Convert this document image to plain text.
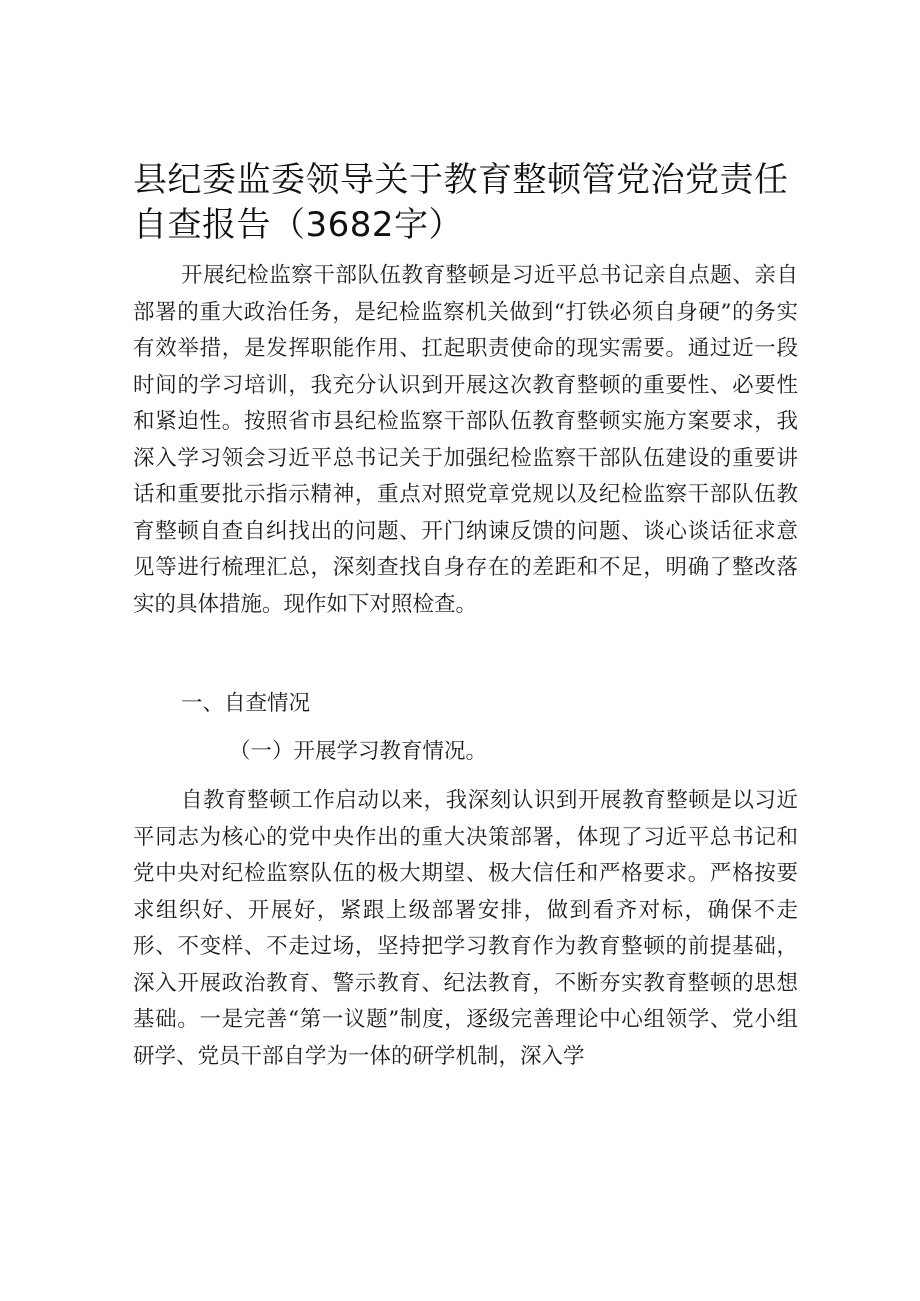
县纪委监委领导关于教育整顿管党治党责任自查报告（3682字）

开展纪检监察干部队伍教育整顿是习近平总书记亲自点题、亲自部署的重大政治任务，是纪检监察机关做到“打铁必须自身硬”的务实有效举措，是发挥职能作用、扛起职责使命的现实需要。通过近一段时间的学习培训，我充分认识到开展这次教育整顿的重要性、必要性和紧迫性。按照省市县纪检监察干部队伍教育整顿实施方案要求，我深入学习领会习近平总书记关于加强纪检监察干部队伍建设的重要讲话和重要批示指示精神，重点对照党章党规以及纪检监察干部队伍教育整顿自查自纠找出的问题、开门纳谏反馈的问题、谈心谈话征求意见等进行梳理汇总，深刻查找自身存在的差距和不足，明确了整改落实的具体措施。现作如下对照检查。

一、自查情况

（一）开展学习教育情况。

自教育整顿工作启动以来，我深刻认识到开展教育整顿是以习近平同志为核心的党中央作出的重大决策部署，体现了习近平总书记和党中央对纪检监察队伍的极大期望、极大信任和严格要求。严格按要求组织好、开展好，紧跟上级部署安排，做到看齐对标，确保不走形、不变样、不走过场，坚持把学习教育作为教育整顿的前提基础，深入开展政治教育、警示教育、纪法教育，不断夯实教育整顿的思想基础。一是完善“第一议题”制度，逐级完善理论中心组领学、党小组研学、党员干部自学为一体的研学机制，深入学
